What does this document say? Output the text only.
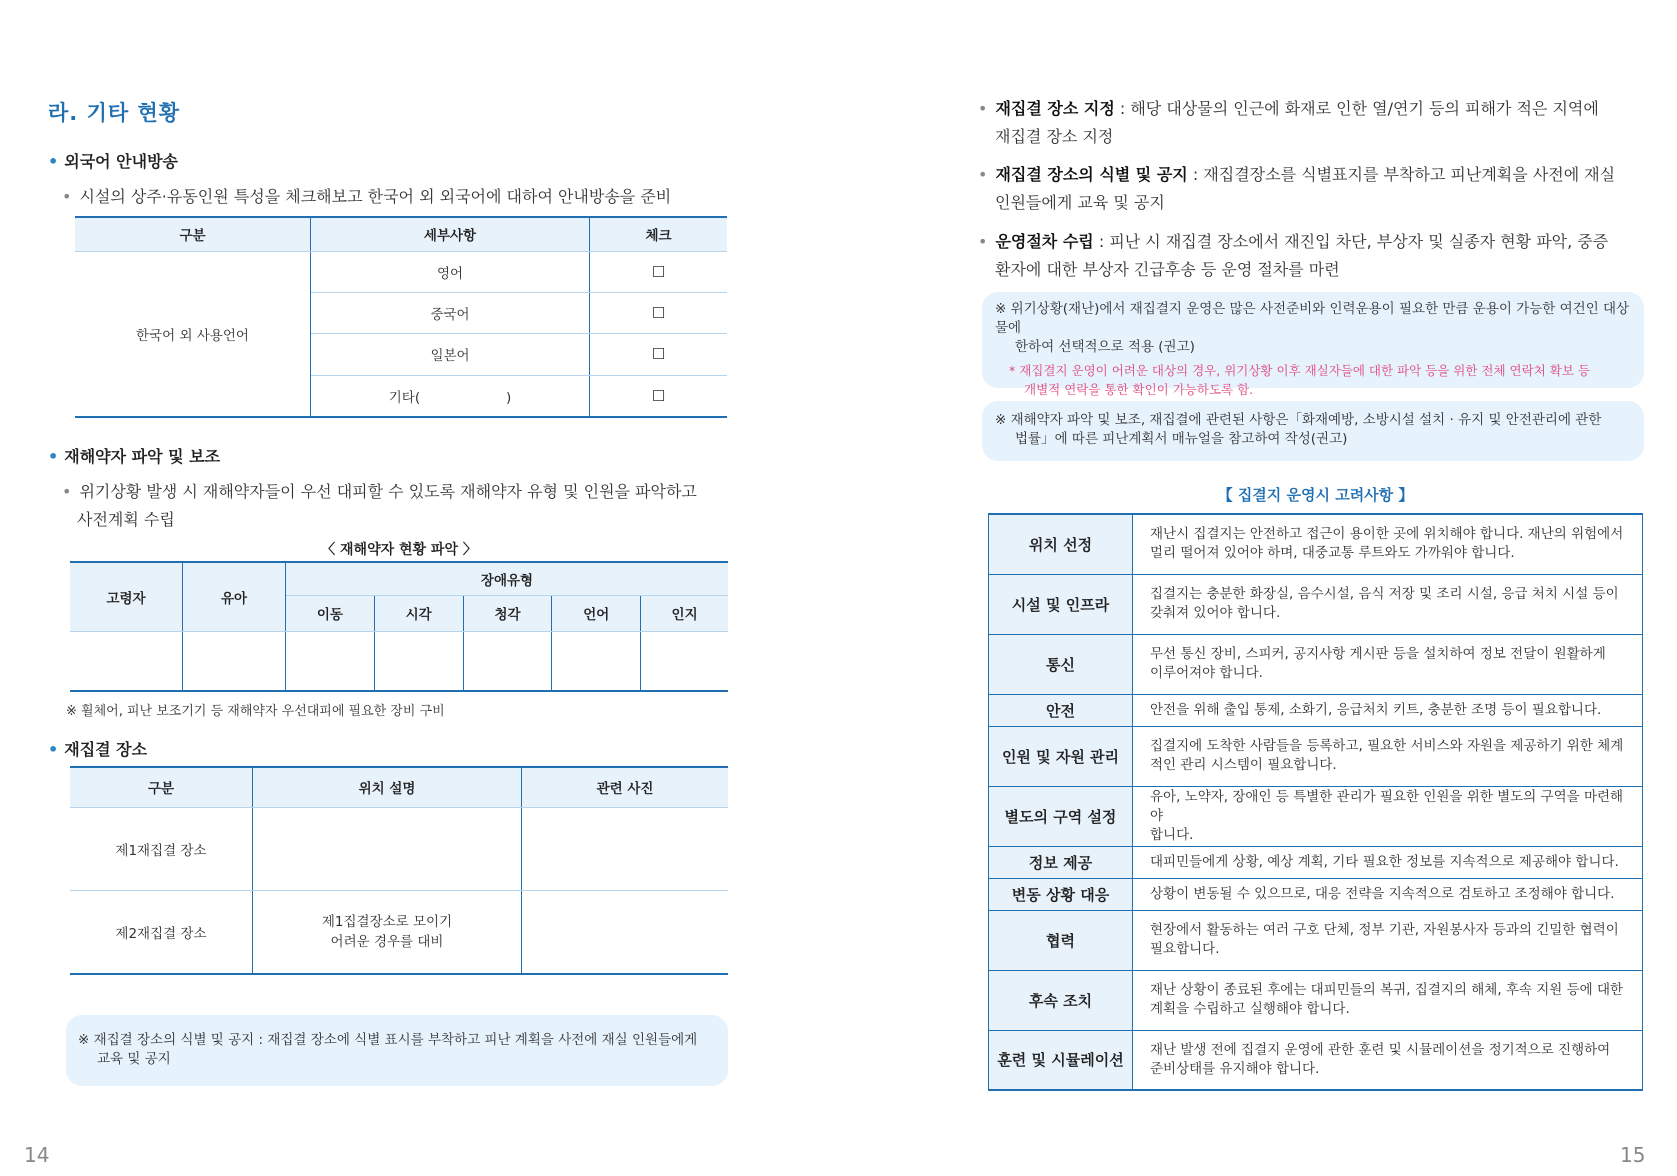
라. 기타 현황
• 외국어 안내방송
• 시설의 상주·유동인원 특성을 체크해보고 한국어 외 외국어에 대하여 안내방송을 준비
구분	세부사항	체크
한국어 외 사용언어	영어	☐
	중국어	☐
	일본어	☐
	기타(                    )	☐
• 재해약자 파악 및 보조
• 위기상황 발생 시 재해약자들이 우선 대피할 수 있도록 재해약자 유형 및 인원을 파악하고
사전계획 수립
〈 재해약자 현황 파악 〉
고령자	유아	장애유형				
		이동	시각	청각	언어	인지

※ 휠체어, 피난 보조기기 등 재해약자 우선대피에 필요한 장비 구비
• 재집결 장소
구분	위치 설명	관련 사진
제1재집결 장소		
제2재집결 장소	제1집결장소로 모이기
어려운 경우를 대비	

※ 재집결 장소의 식별 및 공지 : 재집결 장소에 식별 표시를 부착하고 피난 계획을 사전에 재실 인원들에게
교육 및 공지
14
• 재집결 장소 지정 : 해당 대상물의 인근에 화재로 인한 열/연기 등의 피해가 적은 지역에
재집결 장소 지정
• 재집결 장소의 식별 및 공지 : 재집결장소를 식별표지를 부착하고 피난계획을 사전에 재실
인원들에게 교육 및 공지
• 운영절차 수립 : 피난 시 재집결 장소에서 재진입 차단, 부상자 및 실종자 현황 파악, 중증
환자에 대한 부상자 긴급후송 등 운영 절차를 마련
※ 위기상황(재난)에서 재집결지 운영은 많은 사전준비와 인력운용이 필요한 만큼 운용이 가능한 여건인 대상물에
한하여 선택적으로 적용 (권고)
* 재집결지 운영이 어려운 대상의 경우, 위기상황 이후 재실자들에 대한 파악 등을 위한 전체 연락처 확보 등
개별적 연락을 통한 확인이 가능하도록 함.
※ 재해약자 파악 및 보조, 재집결에 관련된 사항은「화재예방, 소방시설 설치 · 유지 및 안전관리에 관한
법률」에 따른 피난계획서 매뉴얼을 참고하여 작성(권고)
【 집결지 운영시 고려사항 】
위치 선정	재난시 집결지는 안전하고 접근이 용이한 곳에 위치해야 합니다. 재난의 위험에서
멀리 떨어져 있어야 하며, 대중교통 루트와도 가까워야 합니다.

시설 및 인프라	집결지는 충분한 화장실, 음수시설, 음식 저장 및 조리 시설, 응급 처치 시설 등이
갖춰져 있어야 합니다.

통신	무선 통신 장비, 스피커, 공지사항 게시판 등을 설치하여 정보 전달이 원활하게
이루어져야 합니다.

안전	안전을 위해 출입 통제, 소화기, 응급처치 키트, 충분한 조명 등이 필요합니다.

인원 및 자원 관리	집결지에 도착한 사람들을 등록하고, 필요한 서비스와 자원을 제공하기 위한 체계
적인 관리 시스템이 필요합니다.

별도의 구역 설정	유아, 노약자, 장애인 등 특별한 관리가 필요한 인원을 위한 별도의 구역을 마련해야
합니다.

정보 제공	대피민들에게 상황, 예상 계획, 기타 필요한 정보를 지속적으로 제공해야 합니다.

변동 상황 대응	상황이 변동될 수 있으므로, 대응 전략을 지속적으로 검토하고 조정해야 합니다.

협력	현장에서 활동하는 여러 구호 단체, 정부 기관, 자원봉사자 등과의 긴밀한 협력이
필요합니다.

후속 조치	재난 상황이 종료된 후에는 대피민들의 복귀, 집결지의 해체, 후속 지원 등에 대한
계획을 수립하고 실행해야 합니다.

훈련 및 시뮬레이션	재난 발생 전에 집결지 운영에 관한 훈련 및 시뮬레이션을 정기적으로 진행하여
준비상태를 유지해야 합니다.
15
